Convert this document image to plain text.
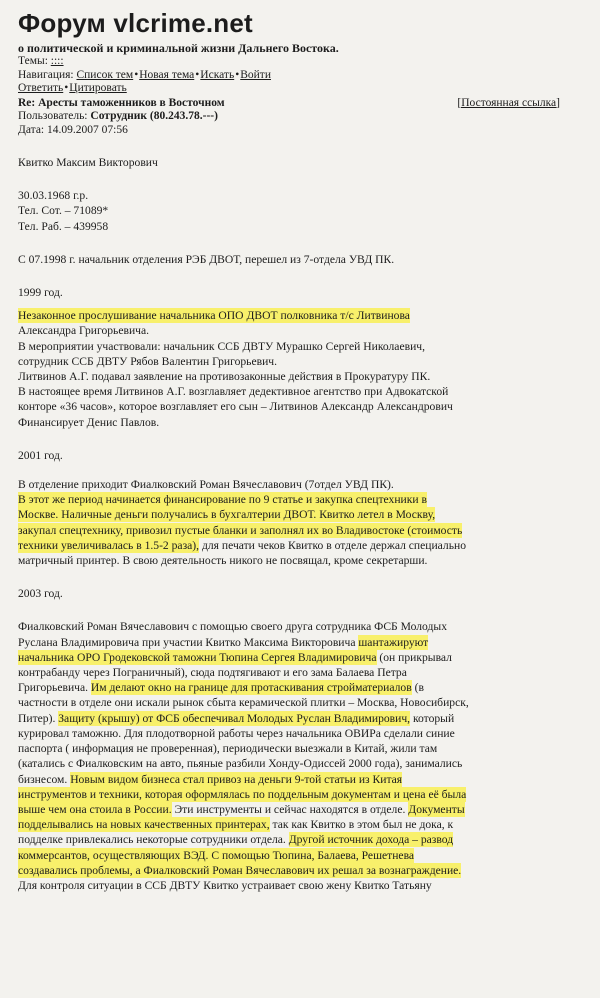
Форум vlcrime.net
о политической и криминальной жизни Дальнего Востока.
Темы: ::::
Навигация: Список тем•Новая тема•Искать•Войти
Ответить•Цитировать
Re: Аресты таможенников в Восточном	[Постоянная ссылка]
Пользователь: Сотрудник (80.243.78.---)
Дата: 14.09.2007 07:56

Квитко Максим Викторович

30.03.1968 г.р.

Тел. Сот. – 71089*

Тел. Раб. – 439958

С 07.1998 г. начальник отделения РЭБ ДВОТ, перешел из 7-отдела УВД ПК.

1999 год.

Незаконное прослушивание начальника ОПО ДВОТ полковника т/с Литвинова

Александра Григорьевича.

В мероприятии участвовали: начальник ССБ ДВТУ Мурашко Сергей Николаевич,

сотрудник ССБ ДВТУ Рябов Валентин Григорьевич.

Литвинов А.Г. подавал заявление на противозаконные действия в Прокуратуру ПК.

В настоящее время Литвинов А.Г. возглавляет дедективное агентство при Адвокатской

конторе «36 часов», которое возглавляет его сын – Литвинов Александр Александрович

Финансирует Денис Павлов.

2001 год.

В отделение приходит Фиалковский Роман Вячеславович (7отдел УВД ПК).

В этот же период начинается финансирование по 9 статье и закупка спецтехники в

Москве. Наличные деньги получались в бухгалтерии ДВОТ. Квитко летел в Москву,

закупал спецтехнику, привозил пустые бланки и заполнял их во Владивостоке (стоимость

техники увеличивалась в 1.5-2 раза), для печати чеков Квитко в отделе держал специально

матричный принтер. В свою деятельность никого не посвящал, кроме секретарши.

2003 год.

Фиалковский Роман Вячеславович с помощью своего друга сотрудника ФСБ Молодых

Руслана Владимировича при участии Квитко Максима Викторовича шантажируют

начальника ОРО Гродековской таможни Тюпина Сергея Владимировича (он прикрывал

контрабанду через Пограничный), сюда подтягивают и его зама Балаева Петра

Григорьевича. Им делают окно на границе для протаскивания стройматериалов (в

частности в отделе они искали рынок сбыта керамической плитки – Москва, Новосибирск,

Питер). Защиту (крышу) от ФСБ обеспечивал Молодых Руслан Владимирович, который

курировал таможню. Для плодотворной работы через начальника ОВИРа сделали синие

паспорта ( информация не проверенная), периодически выезжали в Китай, жили там

(катались с Фиалковским на авто, пьяные разбили Хонду-Одиссей 2000 года), занимались

бизнесом. Новым видом бизнеса стал привоз на деньги 9-той статьи из Китая

инструментов и техники, которая оформлялась по поддельным документам и цена её была

выше чем она стоила в России. Эти инструменты и сейчас находятся в отделе. Документы

подделывались на новых качественных принтерах, так как Квитко в этом был не дока, к

подделке привлекались некоторые сотрудники отдела. Другой источник дохода – развод

коммерсантов, осуществляющих ВЭД. С помощью Тюпина, Балаева, Решетнева

создавались проблемы, а Фиалковский Роман Вячеславович их решал за вознаграждение.

Для контроля ситуации в ССБ ДВТУ Квитко устраивает свою жену Квитко Татьяну
